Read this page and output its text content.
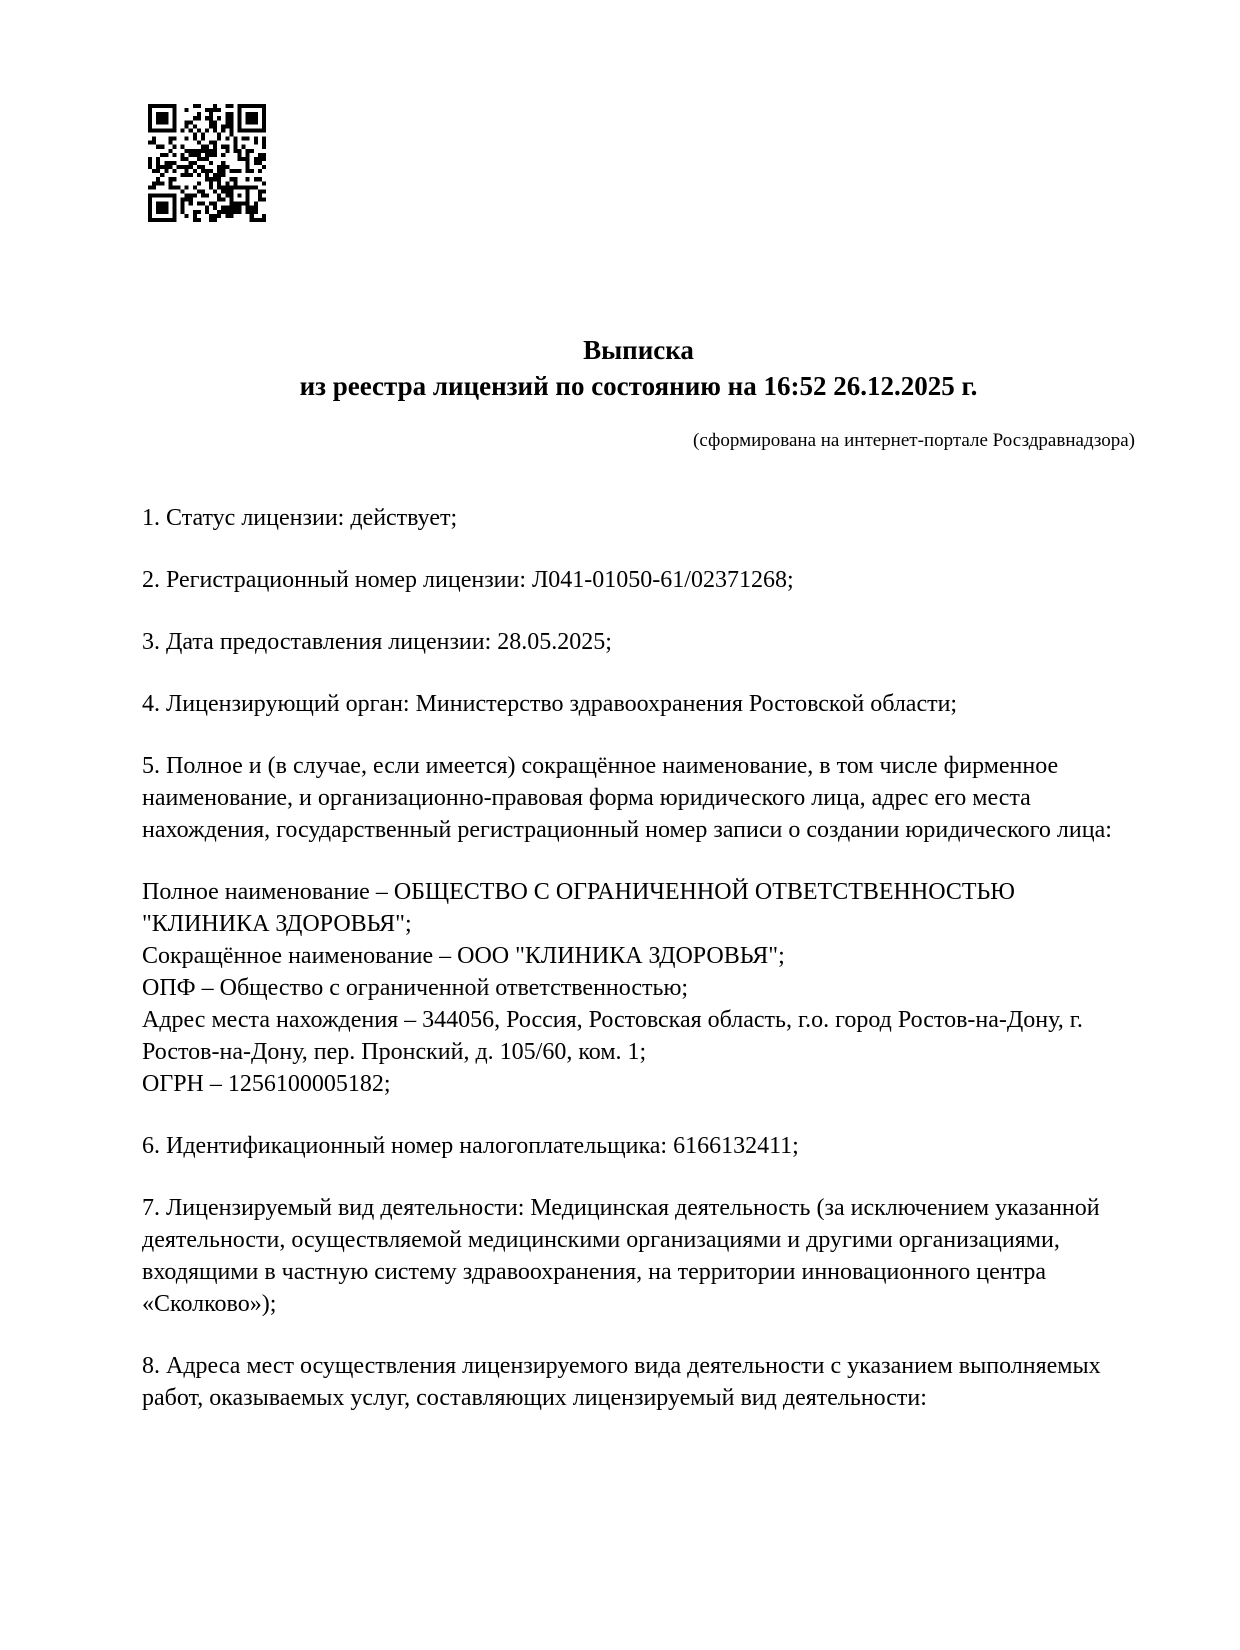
Выписка
из реестра лицензий по состоянию на 16:52 26.12.2025 г.
(сформирована на интернет-портале Росздравнадзора)

1. Статус лицензии: действует;

2. Регистрационный номер лицензии: Л041-01050-61/02371268;

3. Дата предоставления лицензии: 28.05.2025;

4. Лицензирующий орган: Министерство здравоохранения Ростовской области;

5. Полное и (в случае, если имеется) сокращённое наименование, в том числе фирменное наименование, и организационно-правовая форма юридического лица, адрес его места нахождения, государственный регистрационный номер записи о создании юридического лица:

Полное наименование – ОБЩЕСТВО С ОГРАНИЧЕННОЙ ОТВЕТСТВЕННОСТЬЮ "КЛИНИКА ЗДОРОВЬЯ";
Сокращённое наименование – ООО "КЛИНИКА ЗДОРОВЬЯ";
ОПФ – Общество с ограниченной ответственностью;
Адрес места нахождения – 344056, Россия, Ростовская область, г.о. город Ростов-на-Дону, г. Ростов-на-Дону, пер. Пронский, д. 105/60, ком. 1;
ОГРН – 1256100005182;

6. Идентификационный номер налогоплательщика: 6166132411;

7. Лицензируемый вид деятельности: Медицинская деятельность (за исключением указанной деятельности, осуществляемой медицинскими организациями и другими организациями, входящими в частную систему здравоохранения, на территории инновационного центра «Сколково»);

8. Адреса мест осуществления лицензируемого вида деятельности с указанием выполняемых работ, оказываемых услуг, составляющих лицензируемый вид деятельности:
